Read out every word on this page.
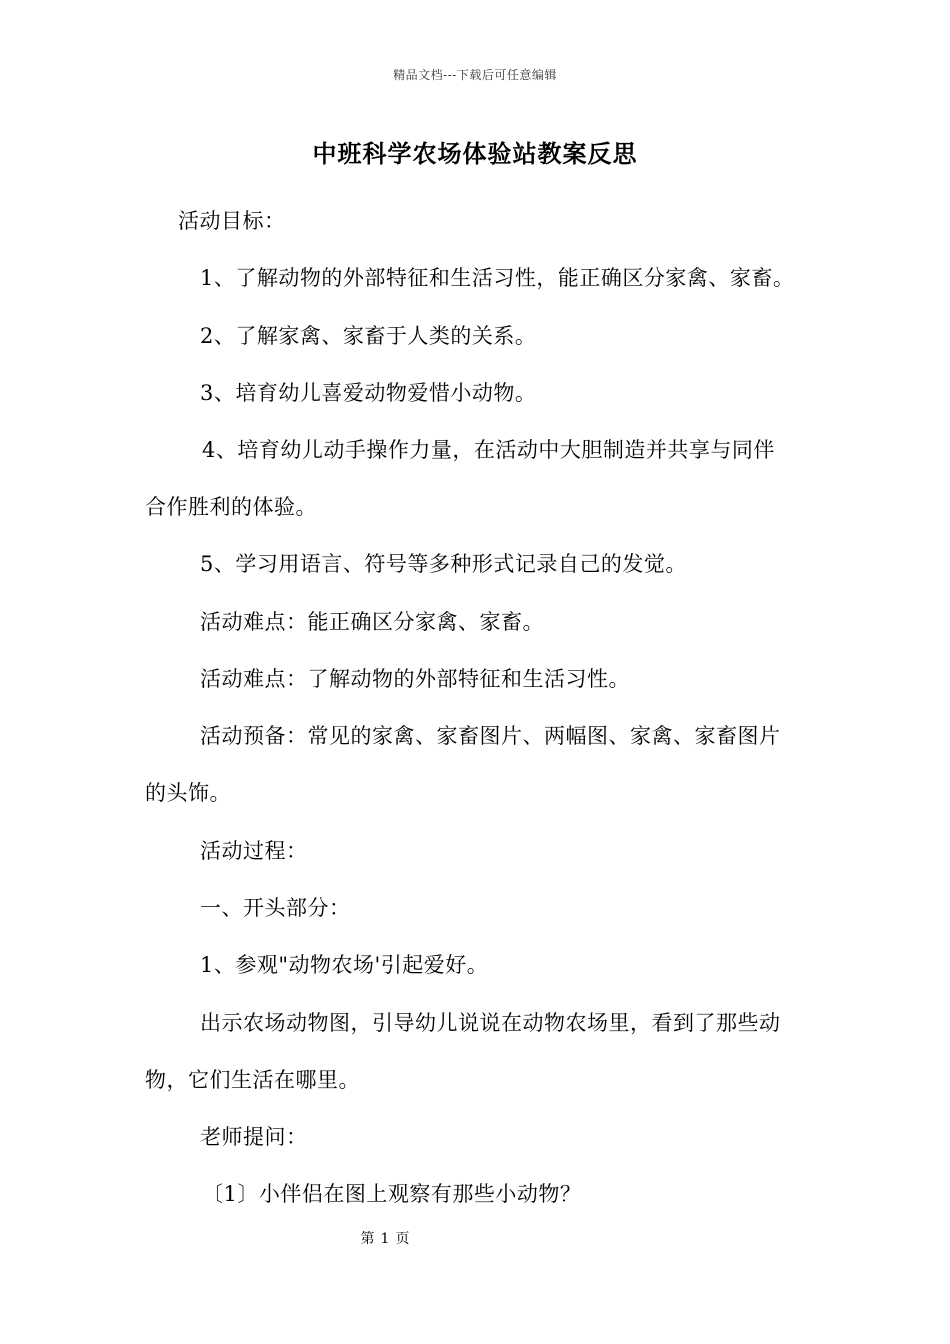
精品文档---下载后可任意编辑
中班科学农场体验站教案反思
活动目标：
1、了解动物的外部特征和生活习性，能正确区分家禽、家畜。
2、了解家禽、家畜于人类的关系。
3、培育幼儿喜爱动物爱惜小动物。
4、培育幼儿动手操作力量，在活动中大胆制造并共享与同伴
合作胜利的体验。
5、学习用语言、符号等多种形式记录自己的发觉。
活动难点：能正确区分家禽、家畜。
活动难点：了解动物的外部特征和生活习性。
活动预备：常见的家禽、家畜图片、两幅图、家禽、家畜图片
的头饰。
活动过程：
一、开头部分：
1、参观"动物农场'引起爱好。
出示农场动物图，引导幼儿说说在动物农场里，看到了那些动
物，它们生活在哪里。
老师提问：
〔1〕小伴侣在图上观察有那些小动物？
第 1 页
